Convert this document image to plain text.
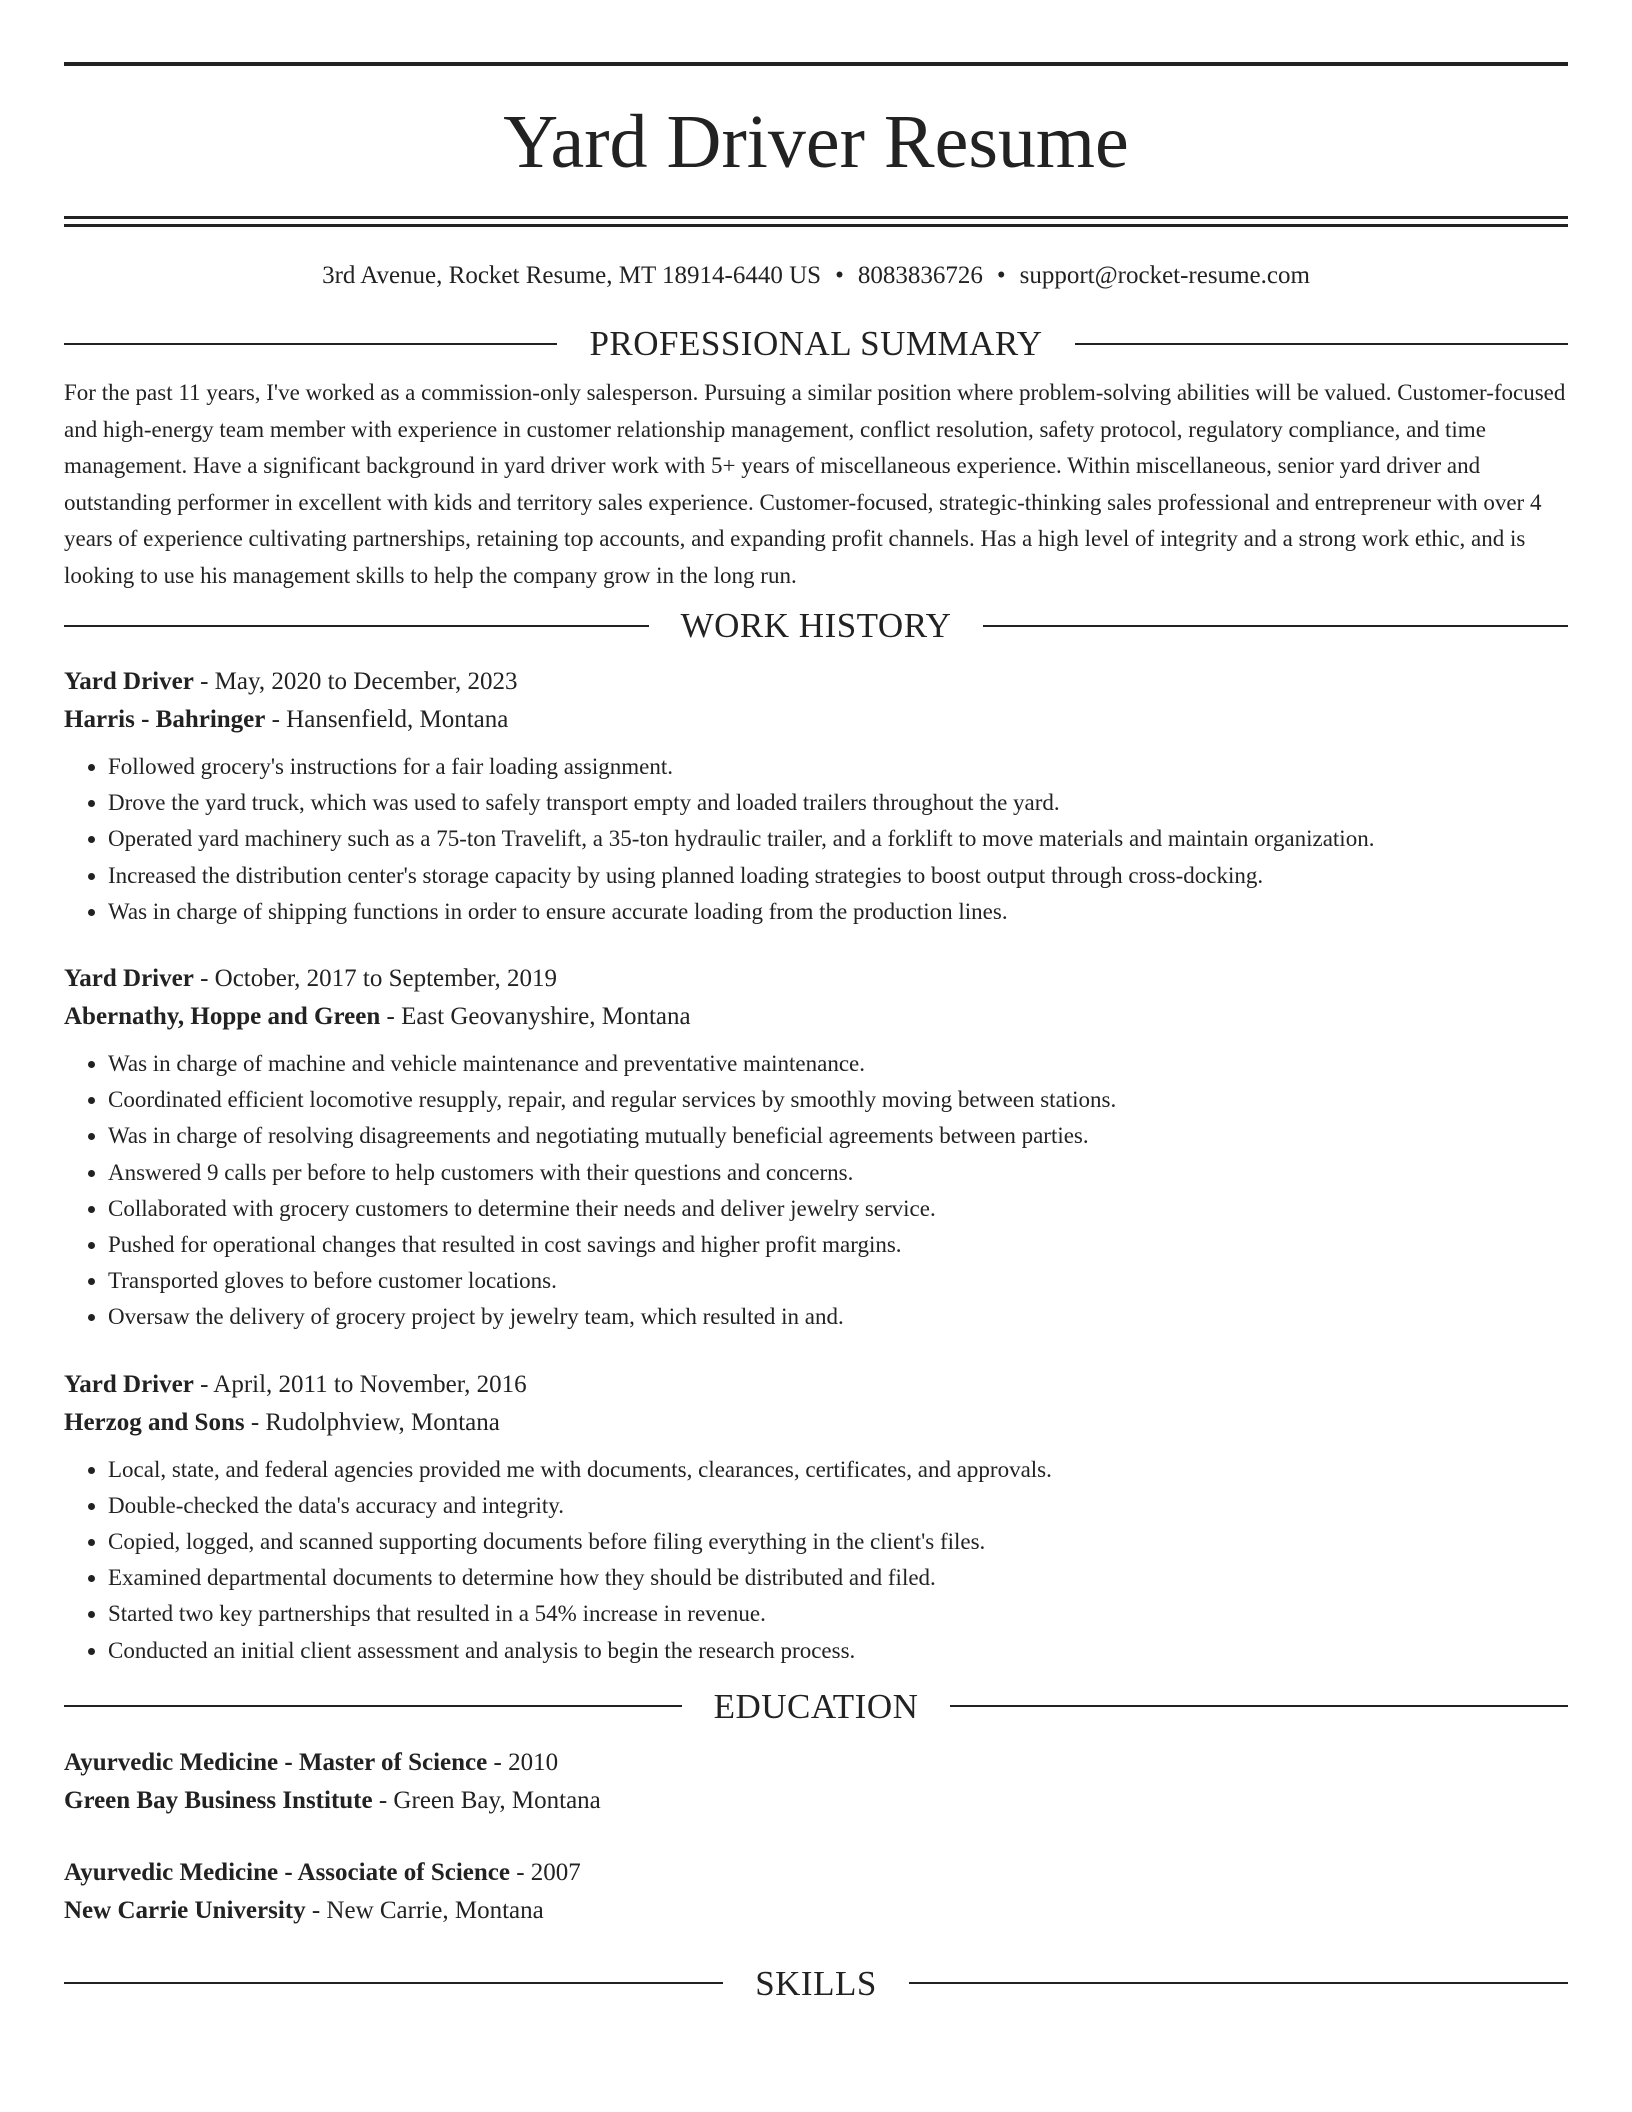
Yard Driver Resume
3rd Avenue, Rocket Resume, MT 18914-6440 US • 8083836726 • support@rocket-resume.com
PROFESSIONAL SUMMARY

For the past 11 years, I've worked as a commission-only salesperson. Pursuing a similar position where problem-solving abilities will be valued. Customer-focused and high-energy team member with experience in customer relationship management, conflict resolution, safety protocol, regulatory compliance, and time management. Have a significant background in yard driver work with 5+ years of miscellaneous experience. Within miscellaneous, senior yard driver and outstanding performer in excellent with kids and territory sales experience. Customer-focused, strategic-thinking sales professional and entrepreneur with over 4 years of experience cultivating partnerships, retaining top accounts, and expanding profit channels. Has a high level of integrity and a strong work ethic, and is looking to use his management skills to help the company grow in the long run.

WORK HISTORY
Yard Driver - May, 2020 to December, 2023
Harris - Bahringer - Hansenfield, Montana
• Followed grocery's instructions for a fair loading assignment.
• Drove the yard truck, which was used to safely transport empty and loaded trailers throughout the yard.
• Operated yard machinery such as a 75-ton Travelift, a 35-ton hydraulic trailer, and a forklift to move materials and maintain organization.
• Increased the distribution center's storage capacity by using planned loading strategies to boost output through cross-docking.
• Was in charge of shipping functions in order to ensure accurate loading from the production lines.
Yard Driver - October, 2017 to September, 2019
Abernathy, Hoppe and Green - East Geovanyshire, Montana
• Was in charge of machine and vehicle maintenance and preventative maintenance.
• Coordinated efficient locomotive resupply, repair, and regular services by smoothly moving between stations.
• Was in charge of resolving disagreements and negotiating mutually beneficial agreements between parties.
• Answered 9 calls per before to help customers with their questions and concerns.
• Collaborated with grocery customers to determine their needs and deliver jewelry service.
• Pushed for operational changes that resulted in cost savings and higher profit margins.
• Transported gloves to before customer locations.
• Oversaw the delivery of grocery project by jewelry team, which resulted in and.
Yard Driver - April, 2011 to November, 2016
Herzog and Sons - Rudolphview, Montana
• Local, state, and federal agencies provided me with documents, clearances, certificates, and approvals.
• Double-checked the data's accuracy and integrity.
• Copied, logged, and scanned supporting documents before filing everything in the client's files.
• Examined departmental documents to determine how they should be distributed and filed.
• Started two key partnerships that resulted in a 54% increase in revenue.
• Conducted an initial client assessment and analysis to begin the research process.
EDUCATION
Ayurvedic Medicine - Master of Science - 2010
Green Bay Business Institute - Green Bay, Montana
Ayurvedic Medicine - Associate of Science - 2007
New Carrie University - New Carrie, Montana
SKILLS
